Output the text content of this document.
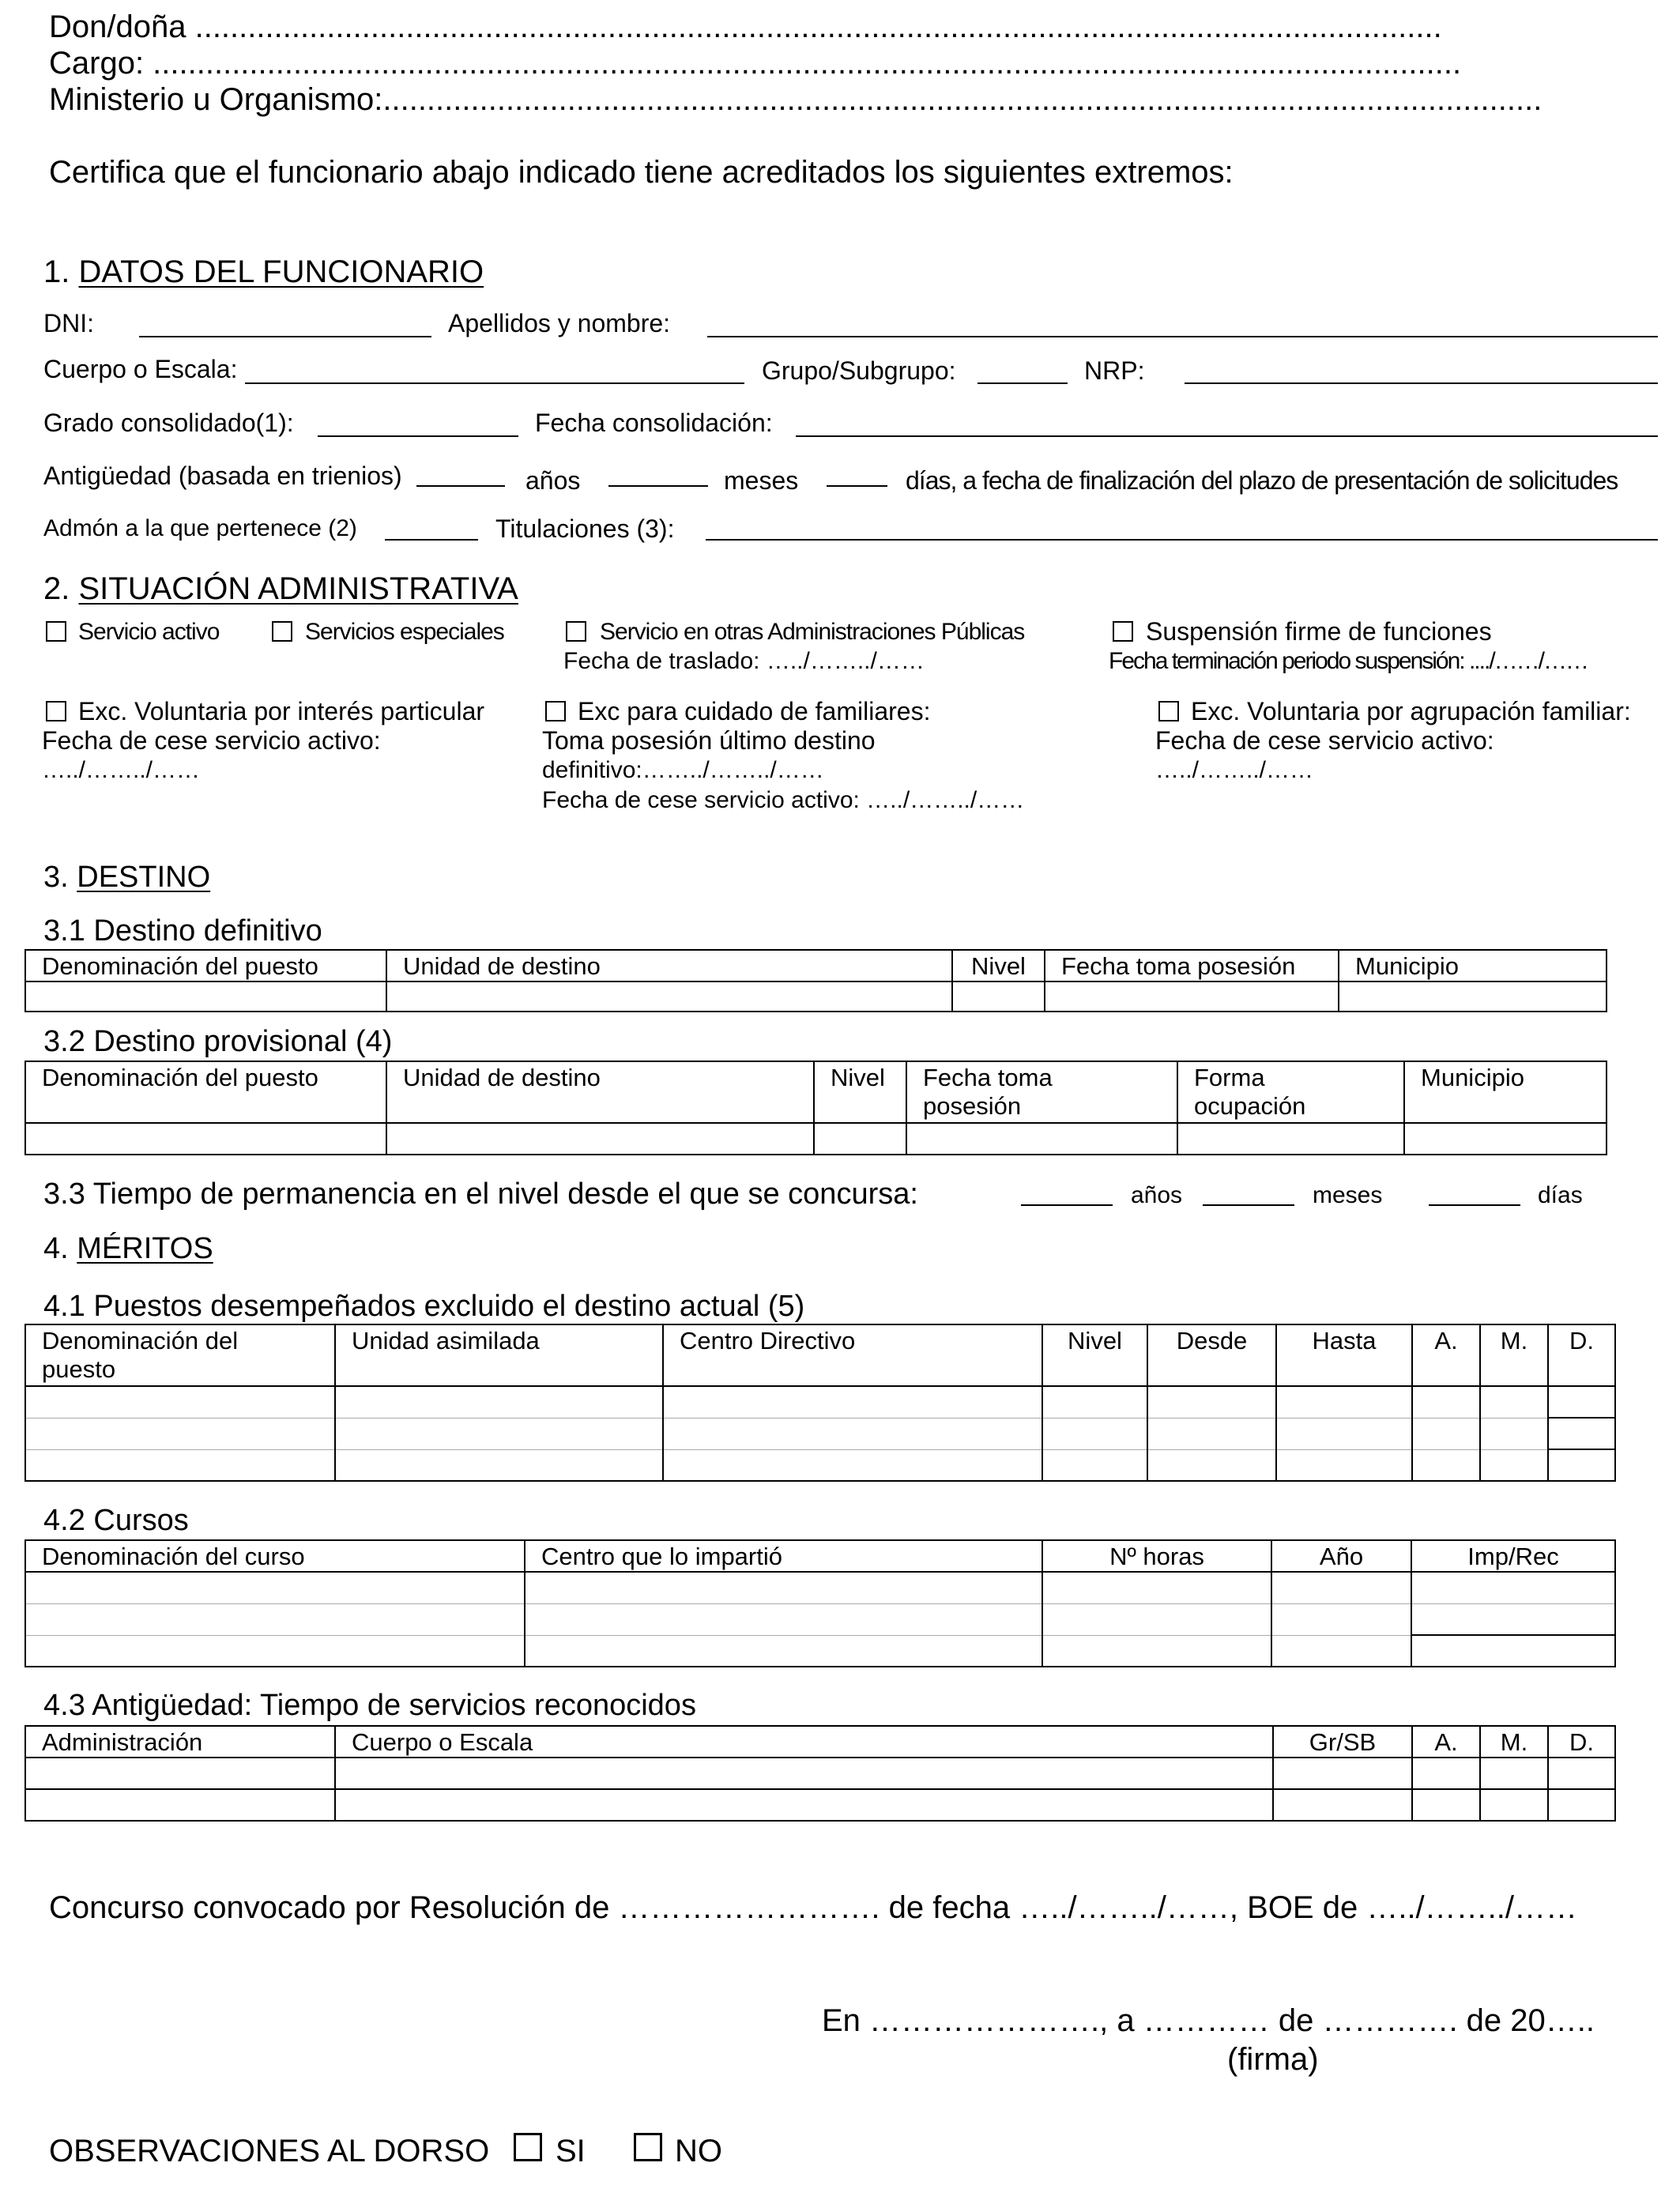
Don/doña ..............................................................................................................................................
Cargo: .....................................................................................................................................................
Ministerio u Organismo:....................................................................................................................................
Certifica que el funcionario abajo indicado tiene acreditados los siguientes extremos:
1. DATOS DEL FUNCIONARIO
DNI:	Apellidos y nombre:
Cuerpo o Escala:	Grupo/Subgrupo:	NRP:
Grado consolidado(1):	Fecha consolidación:
Antigüedad (basada en trienios)	años	meses	días, a fecha de finalización del plazo de presentación de solicitudes
Admón a la que pertenece (2)	Titulaciones (3):
2. SITUACIÓN ADMINISTRATIVA
Servicio activo	Servicios especiales	Servicio en otras Administraciones Públicas
Fecha de traslado: …../……../……
Suspensión firme de funciones
Fecha terminación periodo suspensión: ..../……/……
Exc. Voluntaria por interés particular
Fecha de cese servicio activo:
…../……../……
Exc para cuidado de familiares:
Toma posesión último destino
definitivo:……../……../……
Fecha de cese servicio activo: …../……../……
Exc. Voluntaria por agrupación familiar:
Fecha de cese servicio activo:
…../……../……
3. DESTINO
3.1 Destino definitivo
Denominación del puesto	Unidad de destino	Nivel	Fecha toma posesión	Municipio

3.2 Destino provisional (4)
Denominación del puesto	Unidad de destino	Nivel	Fecha toma posesión	Forma ocupación	Municipio

3.3 Tiempo de permanencia en el nivel desde el que se concursa:	años	meses	días
4. MÉRITOS
4.1 Puestos desempeñados excluido el destino actual (5)
Denominación del puesto	Unidad asimilada	Centro Directivo	Nivel	Desde	Hasta	A.	M.	D.

4.2 Cursos
Denominación del curso	Centro que lo impartió	Nº horas	Año	Imp/Rec

4.3 Antigüedad: Tiempo de servicios reconocidos
Administración	Cuerpo o Escala	Gr/SB	A.	M.	D.

Concurso convocado por Resolución de ……………………. de fecha …../……../……, BOE de …../……../……
En …………………., a ………… de …………. de 20…..
(firma)
OBSERVACIONES AL DORSO SI	NO
